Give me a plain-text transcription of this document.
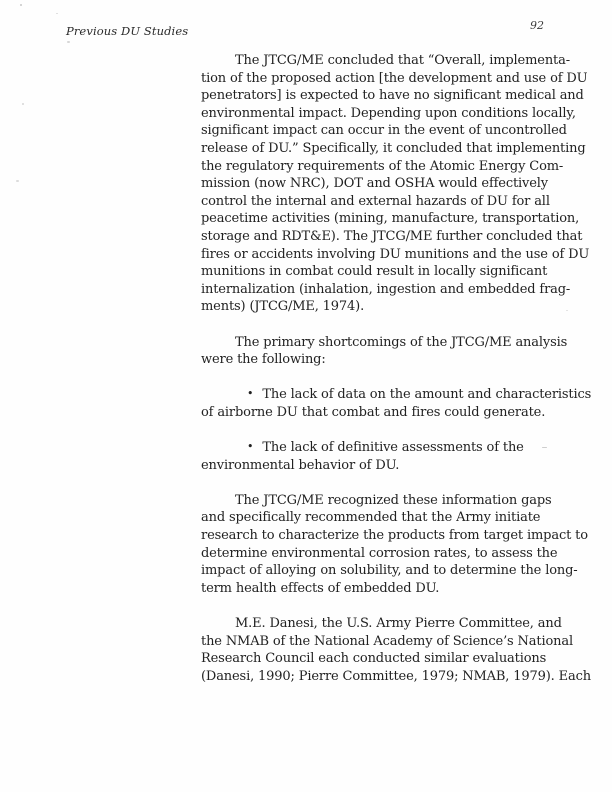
Previous DU Studies	92
The JTCG/ME concluded that “Overall, implementa-
tion of the proposed action [the development and use of DU
penetrators] is expected to have no significant medical and
environmental impact. Depending upon conditions locally,
significant impact can occur in the event of uncontrolled
release of DU.” Specifically, it concluded that implementing
the regulatory requirements of the Atomic Energy Com-
mission (now NRC), DOT and OSHA would effectively
control the internal and external hazards of DU for all
peacetime activities (mining, manufacture, transportation,
storage and RDT&E). The JTCG/ME further concluded that
fires or accidents involving DU munitions and the use of DU
munitions in combat could result in locally significant
internalization (inhalation, ingestion and embedded frag-
ments) (JTCG/ME, 1974).
The primary shortcomings of the JTCG/ME analysis
were the following:
• The lack of data on the amount and characteristics
of airborne DU that combat and fires could generate.
• The lack of definitive assessments of the
environmental behavior of DU.
The JTCG/ME recognized these information gaps
and specifically recommended that the Army initiate
research to characterize the products from target impact to
determine environmental corrosion rates, to assess the
impact of alloying on solubility, and to determine the long-
term health effects of embedded DU.
M.E. Danesi, the U.S. Army Pierre Committee, and
the NMAB of the National Academy of Science’s National
Research Council each conducted similar evaluations
(Danesi, 1990; Pierre Committee, 1979; NMAB, 1979). Each
